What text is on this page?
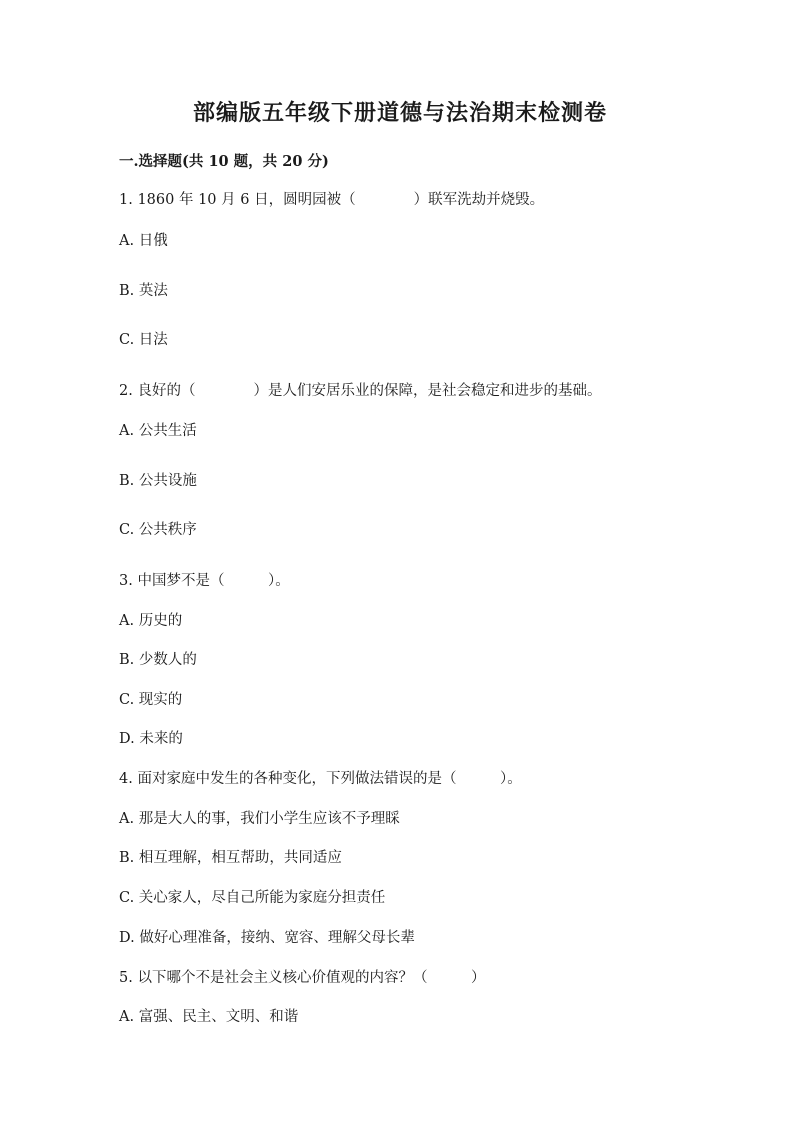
部编版五年级下册道德与法治期末检测卷
一.选择题(共 10 题，共 20 分)
1. 1860 年 10 月 6 日，圆明园被（　　　　）联军洗劫并烧毁。
A. 日俄
B. 英法
C. 日法
2. 良好的（　　　　）是人们安居乐业的保障，是社会稳定和进步的基础。
A. 公共生活
B. 公共设施
C. 公共秩序
3. 中国梦不是（　　　）。
A. 历史的
B. 少数人的
C. 现实的
D. 未来的
4. 面对家庭中发生的各种变化，下列做法错误的是（　　　）。
A. 那是大人的事，我们小学生应该不予理睬
B. 相互理解，相互帮助，共同适应
C. 关心家人，尽自己所能为家庭分担责任
D. 做好心理准备，接纳、宽容、理解父母长辈
5. 以下哪个不是社会主义核心价值观的内容？（　　　）
A. 富强、民主、文明、和谐
